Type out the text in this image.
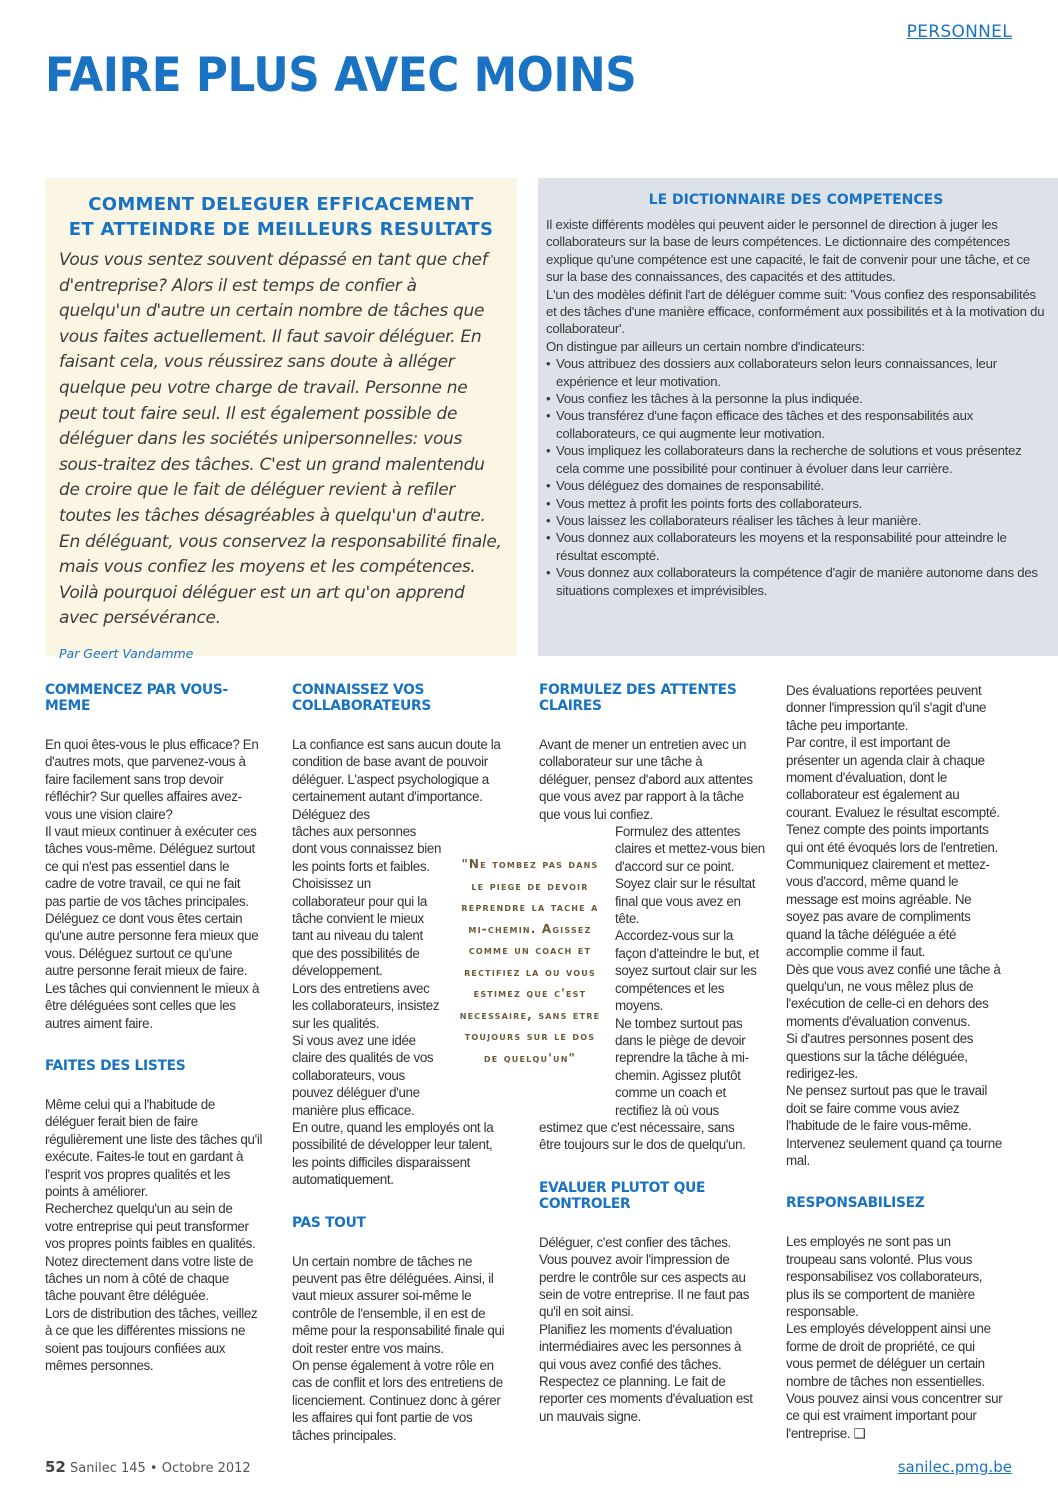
PERSONNEL
FAIRE PLUS AVEC MOINS
COMMENT DELEGUER EFFICACEMENT
ET ATTEINDRE DE MEILLEURS RESULTATS

Vous vous sentez souvent dépassé en tant que chef d'entreprise? Alors il est temps de confier à quelqu'un d'autre un certain nombre de tâches que vous faites actuellement. Il faut savoir déléguer. En faisant cela, vous réussirez sans doute à alléger quelque peu votre charge de travail. Personne ne peut tout faire seul. Il est également possible de déléguer dans les sociétés unipersonnelles: vous sous-traitez des tâches. C'est un grand malentendu de croire que le fait de déléguer revient à refiler toutes les tâches désagréables à quelqu'un d'autre. En déléguant, vous conservez la responsabilité finale, mais vous confiez les moyens et les compétences. Voilà pourquoi déléguer est un art qu'on apprend avec persévérance.

Par Geert Vandamme

LE DICTIONNAIRE DES COMPETENCES

Il existe différents modèles qui peuvent aider le personnel de direction à juger les collaborateurs sur la base de leurs compétences. Le dictionnaire des compétences explique qu'une compétence est une capacité, le fait de convenir pour une tâche, et ce sur la base des connaissances, des capacités et des attitudes.

L'un des modèles définit l'art de déléguer comme suit: 'Vous confiez des responsabilités et des tâches d'une manière efficace, conformément aux possibilités et à la motivation du collaborateur'.

On distingue par ailleurs un certain nombre d'indicateurs:

• Vous attribuez des dossiers aux collaborateurs selon leurs connaissances, leur expérience et leur motivation.
• Vous confiez les tâches à la personne la plus indiquée.
• Vous transférez d'une façon efficace des tâches et des responsabilités aux collaborateurs, ce qui augmente leur motivation.
• Vous impliquez les collaborateurs dans la recherche de solutions et vous présentez cela comme une possibilité pour continuer à évoluer dans leur carrière.
• Vous déléguez des domaines de responsabilité.
• Vous mettez à profit les points forts des collaborateurs.
• Vous laissez les collaborateurs réaliser les tâches à leur manière.
• Vous donnez aux collaborateurs les moyens et la responsabilité pour atteindre le résultat escompté.
• Vous donnez aux collaborateurs la compétence d'agir de manière autonome dans des situations complexes et imprévisibles.
COMMENCEZ PAR VOUS-MEME

En quoi êtes-vous le plus efficace? En d'autres mots, que parvenez-vous à faire facilement sans trop devoir réfléchir? Sur quelles affaires avez-vous une vision claire?

Il vaut mieux continuer à exécuter ces tâches vous-même. Déléguez surtout ce qui n'est pas essentiel dans le cadre de votre travail, ce qui ne fait pas partie de vos tâches principales.

Déléguez ce dont vous êtes certain qu'une autre personne fera mieux que vous. Déléguez surtout ce qu'une autre personne ferait mieux de faire.

Les tâches qui conviennent le mieux à être déléguées sont celles que les autres aiment faire.

FAITES DES LISTES

Même celui qui a l'habitude de déléguer ferait bien de faire régulièrement une liste des tâches qu'il exécute. Faites-le tout en gardant à l'esprit vos propres qualités et les points à améliorer.

Recherchez quelqu'un au sein de votre entreprise qui peut transformer vos propres points faibles en qualités.

Notez directement dans votre liste de tâches un nom à côté de chaque tâche pouvant être déléguée.

Lors de distribution des tâches, veillez à ce que les différentes missions ne soient pas toujours confiées aux mêmes personnes.

CONNAISSEZ VOS COLLABORATEURS

La confiance est sans aucun doute la condition de base avant de pouvoir déléguer. L'aspect psychologique a certainement autant d'importance. Déléguez des

tâches aux personnes dont vous connaissez bien les points forts et faibles. Choisissez un collaborateur pour qui la tâche convient le mieux tant au niveau du talent que des possibilités de développement.

Lors des entretiens avec les collaborateurs, insistez sur les qualités.

Si vous avez une idée claire des qualités de vos collaborateurs, vous pouvez déléguer d'une manière plus efficace.

En outre, quand les employés ont la possibilité de développer leur talent, les points difficiles disparaissent automatiquement.

PAS TOUT

Un certain nombre de tâches ne peuvent pas être déléguées. Ainsi, il vaut mieux assurer soi-même le contrôle de l'ensemble, il en est de même pour la responsabilité finale qui doit rester entre vos mains.

On pense également à votre rôle en cas de conflit et lors des entretiens de licenciement. Continuez donc à gérer les affaires qui font partie de vos tâches principales.

FORMULEZ DES ATTENTES CLAIRES

Avant de mener un entretien avec un collaborateur sur une tâche à déléguer, pensez d'abord aux attentes que vous avez par rapport à la tâche que vous lui confiez.

Formulez des attentes claires et mettez-vous bien d'accord sur ce point. Soyez clair sur le résultat final que vous avez en tête.

Accordez-vous sur la façon d'atteindre le but, et soyez surtout clair sur les compétences et les moyens.

Ne tombez surtout pas dans le piège de devoir reprendre la tâche à mi-chemin. Agissez plutôt comme un coach et rectifiez là où vous

estimez que c'est nécessaire, sans être toujours sur le dos de quelqu'un.

EVALUER PLUTOT QUE CONTROLER

Déléguer, c'est confier des tâches. Vous pouvez avoir l'impression de perdre le contrôle sur ces aspects au sein de votre entreprise. Il ne faut pas qu'il en soit ainsi.

Planifiez les moments d'évaluation intermédiaires avec les personnes à qui vous avez confié des tâches. Respectez ce planning. Le fait de reporter ces moments d'évaluation est un mauvais signe.

"Ne tombez pas dans le piege de devoir reprendre la tache a mi-chemin. Agissez comme un coach et rectifiez la ou vous estimez que c'est necessaire, sans etre toujours sur le dos de quelqu'un"

Des évaluations reportées peuvent donner l'impression qu'il s'agit d'une tâche peu importante.

Par contre, il est important de présenter un agenda clair à chaque moment d'évaluation, dont le collaborateur est également au courant. Evaluez le résultat escompté. Tenez compte des points importants qui ont été évoqués lors de l'entretien.

Communiquez clairement et mettez-vous d'accord, même quand le message est moins agréable. Ne soyez pas avare de compliments quand la tâche déléguée a été accomplie comme il faut.

Dès que vous avez confié une tâche à quelqu'un, ne vous mêlez plus de l'exécution de celle-ci en dehors des moments d'évaluation convenus.

Si d'autres personnes posent des questions sur la tâche déléguée, redirigez-les.

Ne pensez surtout pas que le travail doit se faire comme vous aviez l'habitude de le faire vous-même. Intervenez seulement quand ça tourne mal.

RESPONSABILISEZ

Les employés ne sont pas un troupeau sans volonté. Plus vous responsabilisez vos collaborateurs, plus ils se comportent de manière responsable.

Les employés développent ainsi une forme de droit de propriété, ce qui vous permet de déléguer un certain nombre de tâches non essentielles.

Vous pouvez ainsi vous concentrer sur ce qui est vraiment important pour l'entreprise. ❑

52 Sanilec 145 • Octobre 2012	sanilec.pmg.be
